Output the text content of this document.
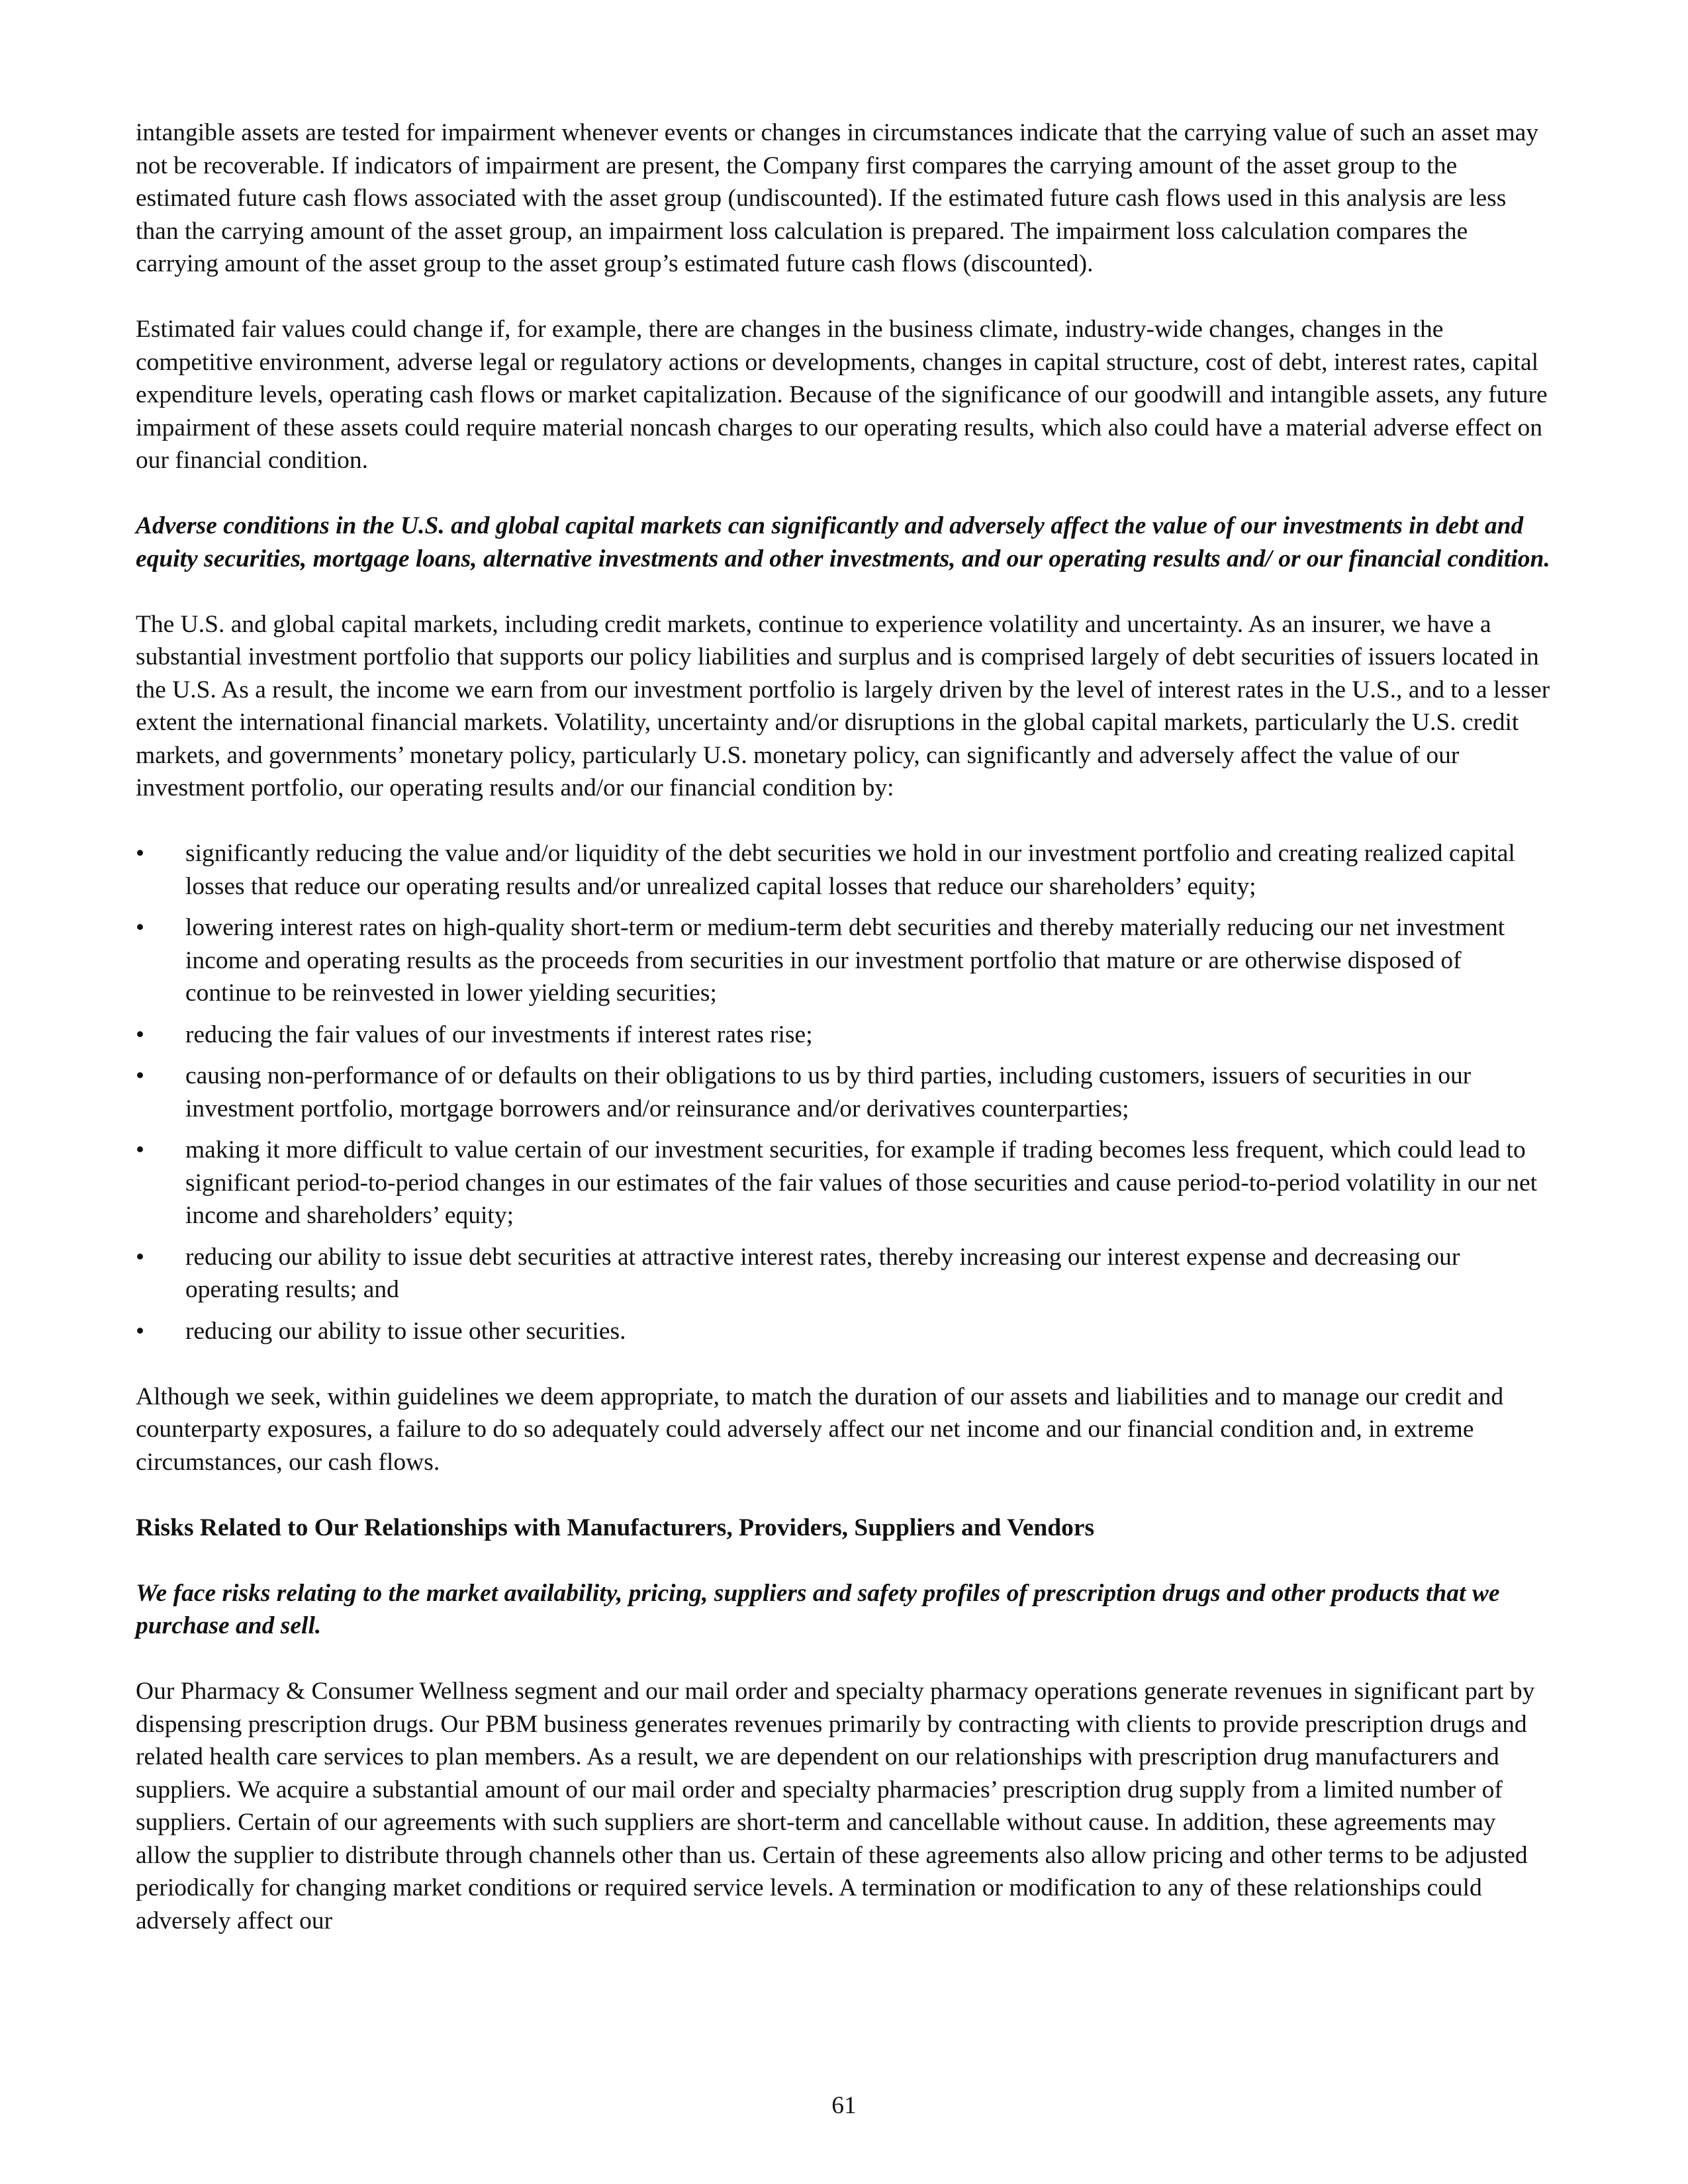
intangible assets are tested for impairment whenever events or changes in circumstances indicate that the carrying value of such an asset may not be recoverable. If indicators of impairment are present, the Company first compares the carrying amount of the asset group to the estimated future cash flows associated with the asset group (undiscounted). If the estimated future cash flows used in this analysis are less than the carrying amount of the asset group, an impairment loss calculation is prepared. The impairment loss calculation compares the carrying amount of the asset group to the asset group’s estimated future cash flows (discounted).

Estimated fair values could change if, for example, there are changes in the business climate, industry-wide changes, changes in the competitive environment, adverse legal or regulatory actions or developments, changes in capital structure, cost of debt, interest rates, capital expenditure levels, operating cash flows or market capitalization. Because of the significance of our goodwill and intangible assets, any future impairment of these assets could require material noncash charges to our operating results, which also could have a material adverse effect on our financial condition.

Adverse conditions in the U.S. and global capital markets can significantly and adversely affect the value of our investments in debt and equity securities, mortgage loans, alternative investments and other investments, and our operating results and/ or our financial condition.

The U.S. and global capital markets, including credit markets, continue to experience volatility and uncertainty. As an insurer, we have a substantial investment portfolio that supports our policy liabilities and surplus and is comprised largely of debt securities of issuers located in the U.S. As a result, the income we earn from our investment portfolio is largely driven by the level of interest rates in the U.S., and to a lesser extent the international financial markets. Volatility, uncertainty and/or disruptions in the global capital markets, particularly the U.S. credit markets, and governments’ monetary policy, particularly U.S. monetary policy, can significantly and adversely affect the value of our investment portfolio, our operating results and/or our financial condition by:

• significantly reducing the value and/or liquidity of the debt securities we hold in our investment portfolio and creating realized capital losses that reduce our operating results and/or unrealized capital losses that reduce our shareholders’ equity;
• lowering interest rates on high-quality short-term or medium-term debt securities and thereby materially reducing our net investment income and operating results as the proceeds from securities in our investment portfolio that mature or are otherwise disposed of continue to be reinvested in lower yielding securities;
• reducing the fair values of our investments if interest rates rise;
• causing non-performance of or defaults on their obligations to us by third parties, including customers, issuers of securities in our investment portfolio, mortgage borrowers and/or reinsurance and/or derivatives counterparties;
• making it more difficult to value certain of our investment securities, for example if trading becomes less frequent, which could lead to significant period-to-period changes in our estimates of the fair values of those securities and cause period-to-period volatility in our net income and shareholders’ equity;
• reducing our ability to issue debt securities at attractive interest rates, thereby increasing our interest expense and decreasing our operating results; and
• reducing our ability to issue other securities.

Although we seek, within guidelines we deem appropriate, to match the duration of our assets and liabilities and to manage our credit and counterparty exposures, a failure to do so adequately could adversely affect our net income and our financial condition and, in extreme circumstances, our cash flows.

Risks Related to Our Relationships with Manufacturers, Providers, Suppliers and Vendors

We face risks relating to the market availability, pricing, suppliers and safety profiles of prescription drugs and other products that we purchase and sell.

Our Pharmacy & Consumer Wellness segment and our mail order and specialty pharmacy operations generate revenues in significant part by dispensing prescription drugs. Our PBM business generates revenues primarily by contracting with clients to provide prescription drugs and related health care services to plan members. As a result, we are dependent on our relationships with prescription drug manufacturers and suppliers. We acquire a substantial amount of our mail order and specialty pharmacies’ prescription drug supply from a limited number of suppliers. Certain of our agreements with such suppliers are short-term and cancellable without cause. In addition, these agreements may allow the supplier to distribute through channels other than us. Certain of these agreements also allow pricing and other terms to be adjusted periodically for changing market conditions or required service levels. A termination or modification to any of these relationships could adversely affect our

61
